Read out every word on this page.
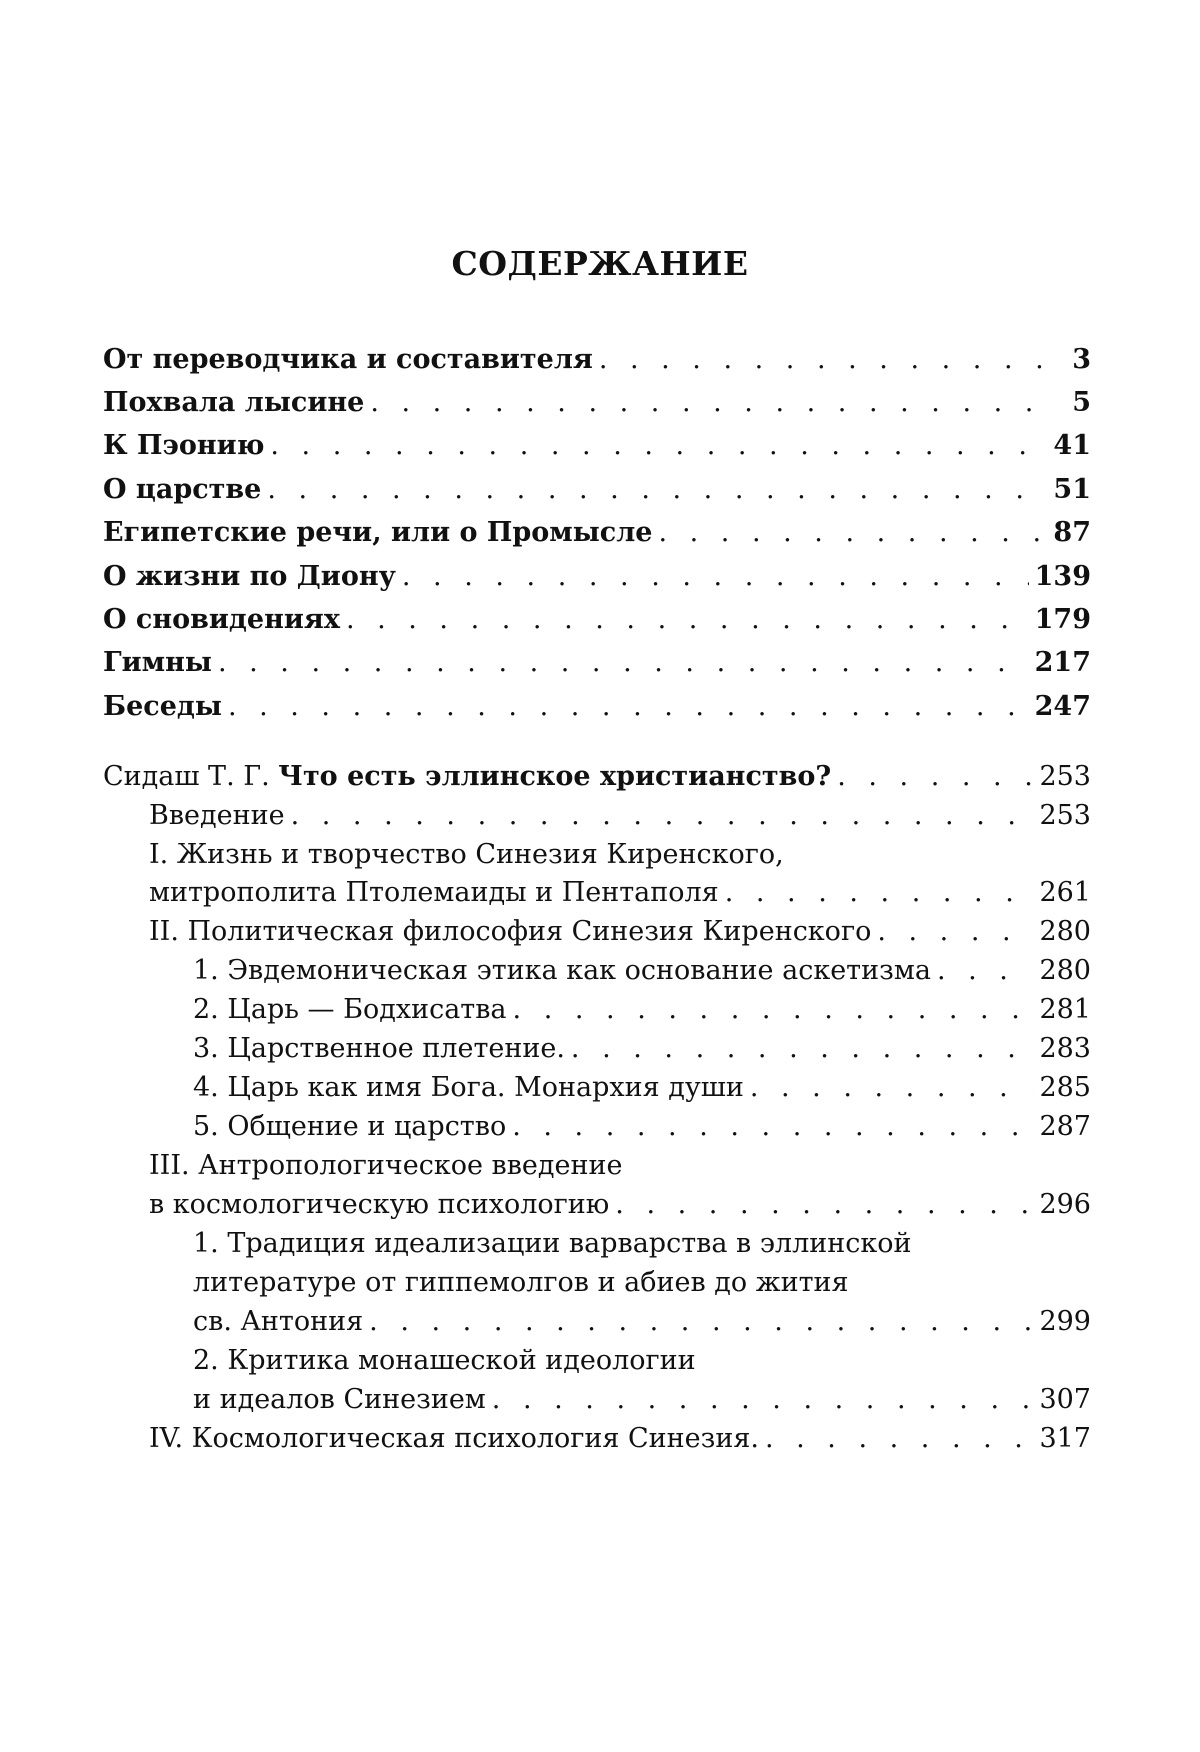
СОДЕРЖАНИЕ
От переводчика и составителя . . .	3
Похвала лысине . . .	5
К Пэонию . . .	41
О царстве . . .	51
Египетские речи, или о Промысле . . .	87
О жизни по Диону . . .	139
О сновидениях . . .	179
Гимны . . .	217
Беседы . . .	247
Сидаш Т. Г. Что есть эллинское христианство? . . .	253
Введение . . .	253
I. Жизнь и творчество Синезия Киренского,
митрополита Птолемаиды и Пентаполя . . .	261
II. Политическая философия Синезия Киренского . . .	280
1. Эвдемоническая этика как основание аскетизма . . .	280
2. Царь — Бодхисатва . . .	281
3. Царственное плетение. . . .	283
4. Царь как имя Бога. Монархия души . . .	285
5. Общение и царство . . .	287
III. Антропологическое введение
в космологическую психологию . . .	296
1. Традиция идеализации варварства в эллинской
литературе от гиппемолгов и абиев до жития
св. Антония . . .	299
2. Критика монашеской идеологии
и идеалов Синезием . . .	307
IV. Космологическая психология Синезия. . . .	317
